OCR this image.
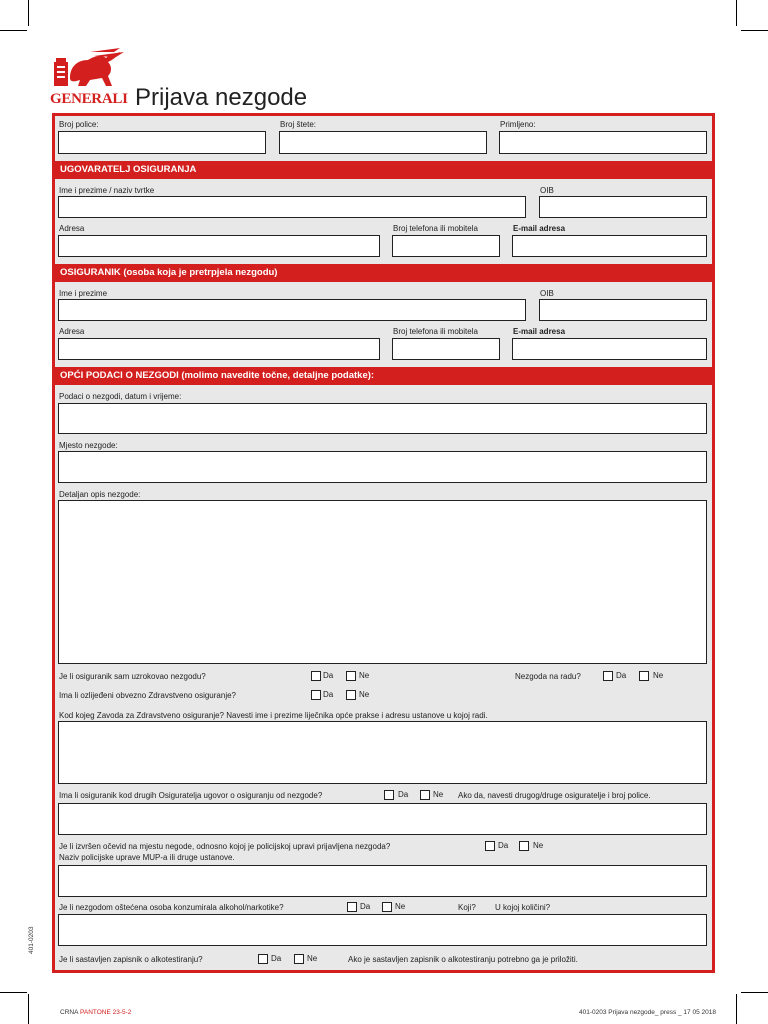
GENERALI Prijava nezgode
Broj police:	Broj štete:	Primljeno:
UGOVARATELJ OSIGURANJA
Ime i prezime / naziv tvrtke	OIB
Adresa	Broj telefona ili mobitela	E-mail adresa
OSIGURANIK (osoba koja je pretrpjela nezgodu)
Ime i prezime	OIB
Adresa	Broj telefona ili mobitela	E-mail adresa
OPĆI PODACI O NEZGODI (molimo navedite točne, detaljne podatke):
Podaci o nezgodi, datum i vrijeme:
Mjesto nezgode:
Detaljan opis nezgode:
Je li osiguranik sam uzrokovao nezgodu?	Da	Ne	Nezgoda na radu?	Da	Ne
Ima li ozlijeđeni obvezno Zdravstveno osiguranje?	Da	Ne
Kod kojeg Zavoda za Zdravstveno osiguranje? Navesti ime i prezime liječnika opće prakse i adresu ustanove u kojoj radi.
Ima li osiguranik kod drugih Osiguratelja ugovor o osiguranju od nezgode?	Da	Ne Ako da, navesti drugog/druge osiguratelje i broj police.
Je li izvršen očevid na mjestu negode, odnosno kojoj je policijskoj upravi prijavljena nezgoda?	Da	Ne
Naziv policijske uprave MUP-a ili druge ustanove.
Je li nezgodom oštećena osoba konzumirala alkohol/narkotike?	Da	Ne	Koji? U kojoj količini?
Je li sastavljen zapisnik o alkotestiranju?	Da	Ne	Ako je sastavljen zapisnik o alkotestiranju potrebno ga je priložiti.
401-0203
CRNA PANTONE 23-5-2	401-0203 Prijava nezgode_ press _ 17 05 2018
